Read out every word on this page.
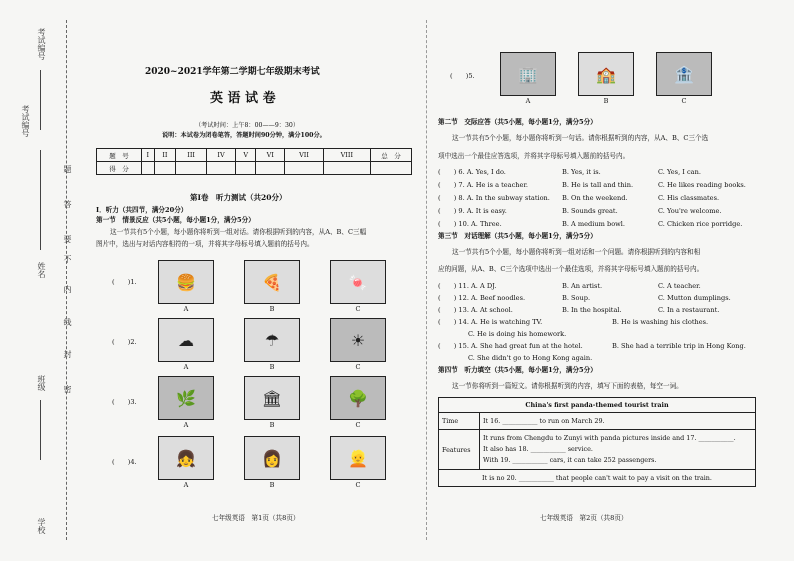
考试编号
考试编号
姓名
班级
学校
题
答
要
不
内
线
封
密
2020~2021学年第二学期七年级期末考试
英 语 试 卷
（考试时间：上午8：00——9：30）
说明：本试卷为闭卷笔答，答题时间90分钟，满分100分。
题　号	I	II	III	IV	V	VI	VII	VIII	总　分
得　分									
第I卷　听力测试（共20分）
I．听力（共四节，满分20分）
第一节　情景反应（共5小题，每小题1分，满分5分）
这一节共有5个小题，每小题你将听到一组对话。请你根据听到的内容，从A、B、C三幅
图片中，选出与对话内容相符的一项，并将其字母标号填入题前的括号内。
(　　)1. 🍔	🍕	🍬
A	B	C
(　　)2.	☁	☂	☀
A	B	C
(　　)3. 🌿	🏛	🌳
A	B	C
(　　)4. 👧	👩	👱
A	B	C
七年级英语　第1页（共8页）
(　　)5.	🏢	🏫	🏦
A	B	C
第二节　交际应答（共5小题，每小题1分，满分5分）
这一节共有5个小题，每小题你将听到一句话。请你根据听到的内容，从A、B、C三个选
项中选出一个最佳应答选项，并将其字母标号填入题前的括号内。
(　　) 6. A. Yes, I do.	B. Yes, it is.	C. Yes, I can.
(　　) 7. A. He is a teacher.	B. He is tall and thin.	C. He likes reading books.
(　　) 8. A. In the subway station. B. On the weekend.	C. His classmates.
(　　) 9. A. It is easy.	B. Sounds great.	C. You're welcome.
(　　) 10. A. Three.	B. A medium bowl.	C. Chicken rice porridge.
第三节　对话理解（共5小题，每小题1分，满分5分）
这一节共有5个小题，每小题你将听到一组对话和一个问题。请你根据听到的内容和相
应的问题，从A、B、C三个选项中选出一个最佳选项，并将其字母标号填入题前的括号内。
(　　) 11. A. A DJ.	B. An artist.	C. A teacher.
(　　) 12. A. Beef noodles.	B. Soup.	C. Mutton dumplings.
(　　) 13. A. At school.	B. In the hospital.	C. In a restaurant.
(　　) 14. A. He is watching TV.	B. He is washing his clothes.
C. He is doing his homework.
(　　) 15. A. She had great fun at the hotel.	B. She had a terrible trip in Hong Kong.
C. She didn't go to Hong Kong again.
第四节　听力填空（共5小题，每小题1分，满分5分）
这一节你将听到一篇短文。请你根据听到的内容，填写下面的表格，每空一词。
China's first panda-themed tourist train	
Time	It 16. ___________ to run on March 29.
Features	It runs from Chengdu to Zunyi with panda pictures inside and 17. ___________.
It also has 18. ___________ service.
With 19. ___________ cars, it can take 252 passengers.

It is no 20. ___________ that people can't wait to pay a visit on the train.	
七年级英语　第2页（共8页）
